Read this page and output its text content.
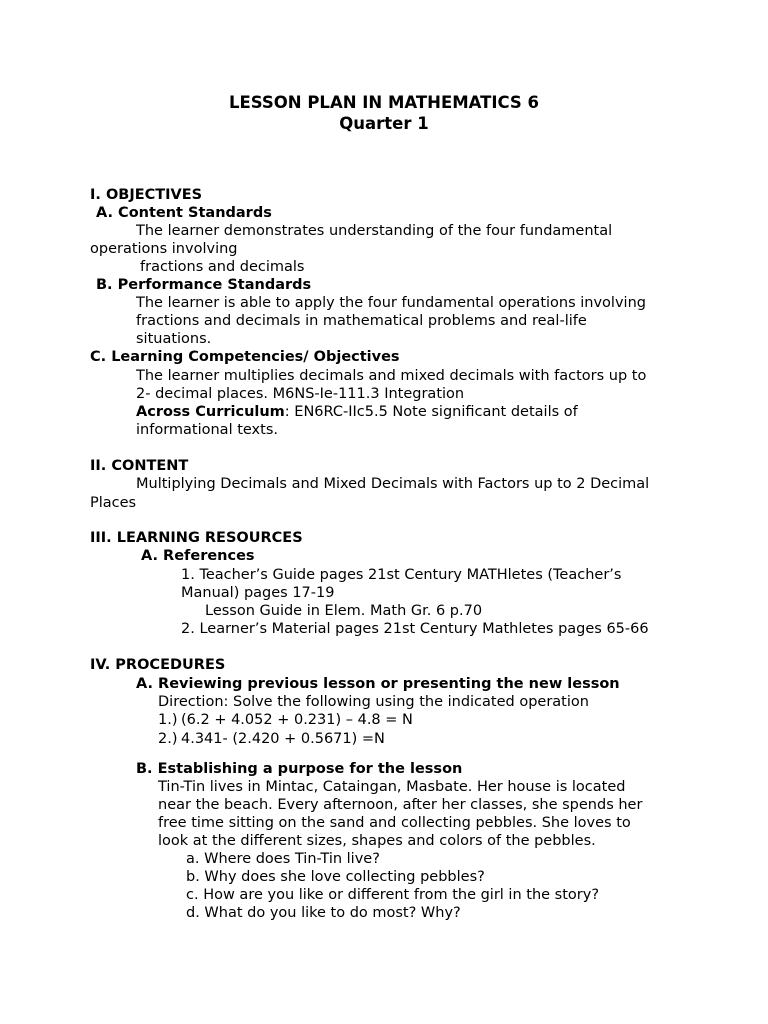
LESSON PLAN IN MATHEMATICS 6
Quarter 1
I. OBJECTIVES
A. Content Standards
The learner demonstrates understanding of the four fundamental
operations involving
fractions and decimals
B. Performance Standards
The learner is able to apply the four fundamental operations involving
fractions and decimals in mathematical problems and real-life
situations.
C. Learning Competencies/ Objectives
The learner multiplies decimals and mixed decimals with factors up to
2- decimal places. M6NS-Ie-111.3 Integration
Across Curriculum: EN6RC-IIc5.5 Note significant details of
informational texts.
II. CONTENT
Multiplying Decimals and Mixed Decimals with Factors up to 2 Decimal
Places
III. LEARNING RESOURCES
A. References
1. Teacher’s Guide pages 21st Century MATHletes (Teacher’s
Manual) pages 17-19
Lesson Guide in Elem. Math Gr. 6 p.70
2. Learner’s Material pages 21st Century Mathletes pages 65-66
IV. PROCEDURES
A. Reviewing previous lesson or presenting the new lesson
Direction: Solve the following using the indicated operation
1.) (6.2 + 4.052 + 0.231) – 4.8 = N
2.) 4.341- (2.420 + 0.5671) =N
B. Establishing a purpose for the lesson
Tin-Tin lives in Mintac, Cataingan, Masbate. Her house is located
near the beach. Every afternoon, after her classes, she spends her
free time sitting on the sand and collecting pebbles. She loves to
look at the different sizes, shapes and colors of the pebbles.
a. Where does Tin-Tin live?
b. Why does she love collecting pebbles?
c. How are you like or different from the girl in the story?
d. What do you like to do most? Why?
